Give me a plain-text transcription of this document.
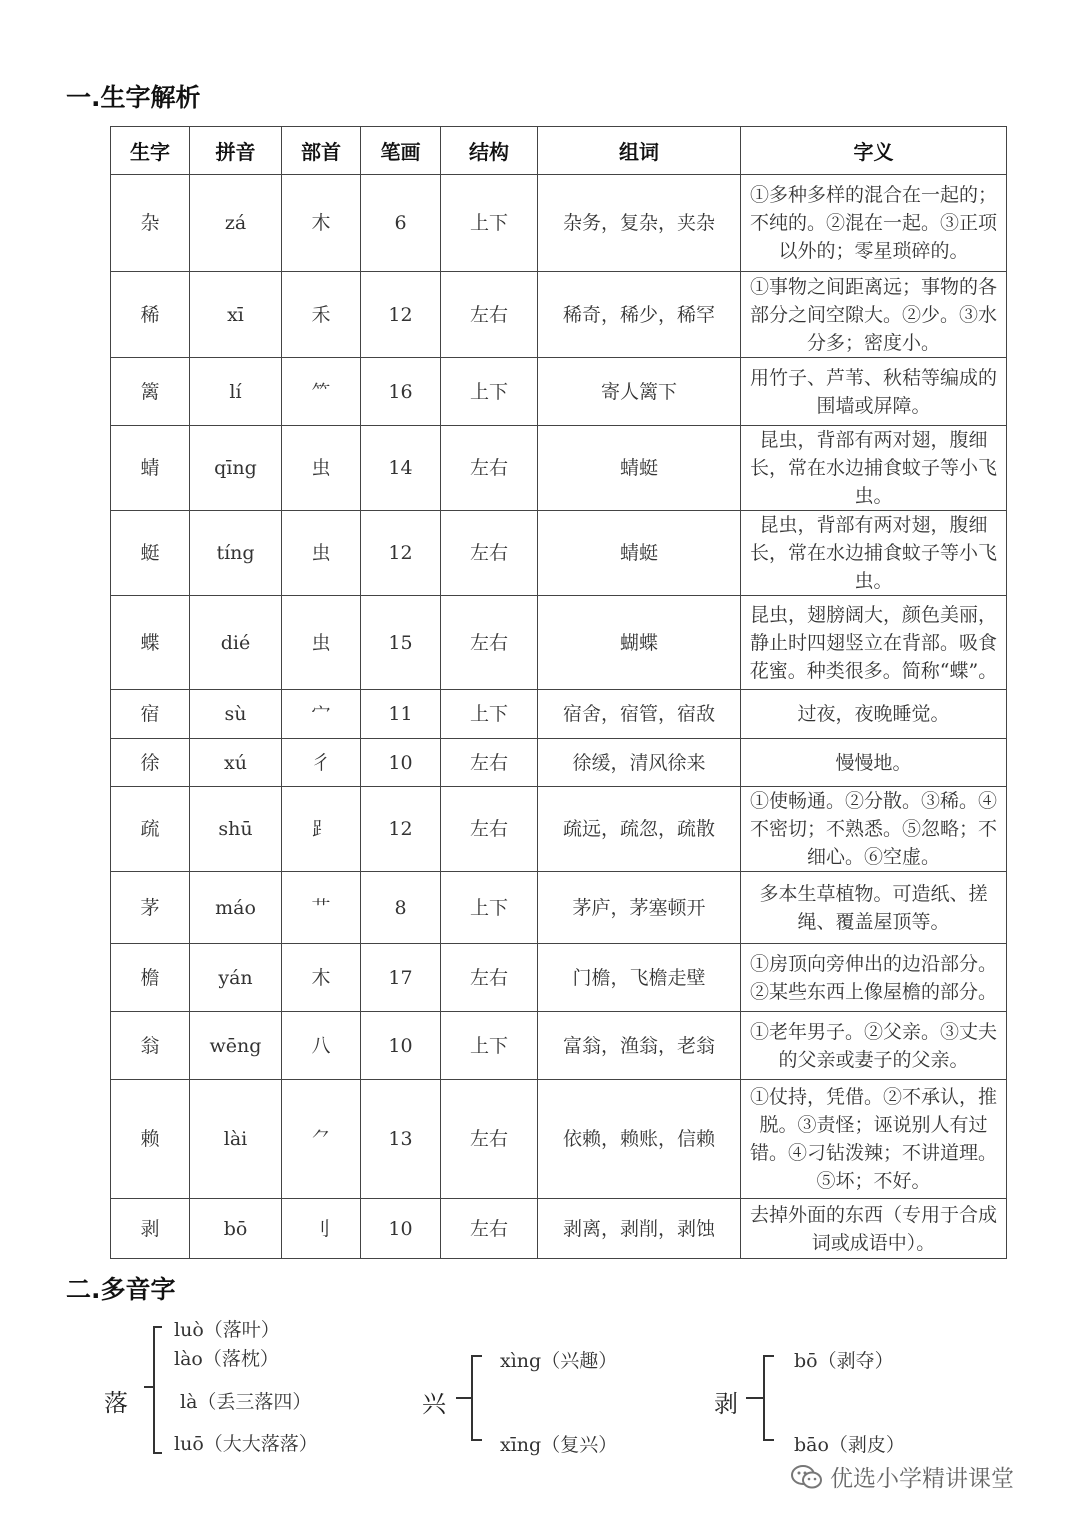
一.生字解析
生字	拼音	部首	笔画	结构	组词	字义
杂	zá	木	6	上下	杂务，复杂，夹杂	①多种多样的混合在一起的；不纯的。②混在一起。③正项以外的；零星琐碎的。
稀	xī	禾	12	左右	稀奇，稀少，稀罕	①事物之间距离远；事物的各部分之间空隙大。②少。③水分多；密度小。
篱	lí	⺮	16	上下	寄人篱下	用竹子、芦苇、秋秸等编成的围墙或屏障。
蜻	qīng	虫	14	左右	蜻蜓	昆虫，背部有两对翅，腹细长，常在水边捕食蚊子等小飞虫。
蜓	tíng	虫	12	左右	蜻蜓	昆虫，背部有两对翅，腹细长，常在水边捕食蚊子等小飞虫。
蝶	dié	虫	15	左右	蝴蝶	昆虫，翅膀阔大，颜色美丽，静止时四翅竖立在背部。吸食花蜜。种类很多。简称“蝶”。
宿	sù	宀	11	上下	宿舍，宿管，宿敌	过夜，夜晚睡觉。
徐	xú	彳	10	左右	徐缓，清风徐来	慢慢地。
疏	shū	⻊	12	左右	疏远，疏忽，疏散	①使畅通。②分散。③稀。④不密切；不熟悉。⑤忽略；不细心。⑥空虚。
茅	máo	艹	8	上下	茅庐，茅塞顿开	多本生草植物。可造纸、搓绳、覆盖屋顶等。
檐	yán	木	17	左右	门檐，飞檐走壁	①房顶向旁伸出的边沿部分。②某些东西上像屋檐的部分。
翁	wēng	八	10	上下	富翁，渔翁，老翁	①老年男子。②父亲。③丈夫的父亲或妻子的父亲。
赖	lài	⺈	13	左右	依赖，赖账，信赖	①仗持，凭借。②不承认，推脱。③责怪；诬说别人有过错。④刁钻泼辣；不讲道理。⑤坏；不好。
剥	bō	刂	10	左右	剥离，剥削，剥蚀	去掉外面的东西（专用于合成词或成语中）。
二.多音字
落
luò（落叶）
lào（落枕）
là（丢三落四）
luō（大大落落）
兴
xìng（兴趣）
xīng（复兴）
剥
bō（剥夺）
bāo（剥皮）
优选小学精讲课堂
